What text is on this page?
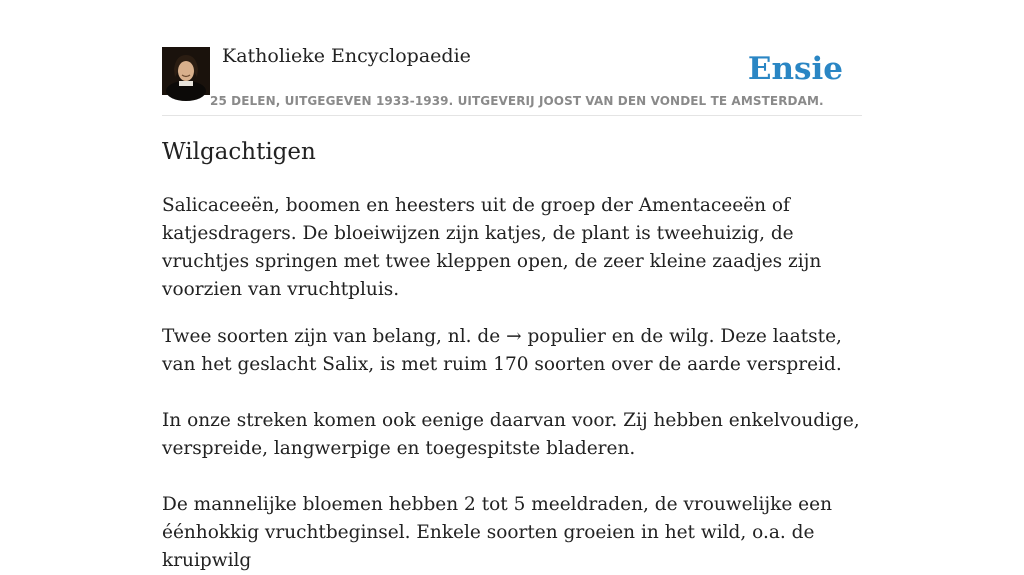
Katholieke Encyclopaedie	Ensie
25 DELEN, UITGEGEVEN 1933-1939. UITGEVERIJ JOOST VAN DEN VONDEL TE AMSTERDAM.
Wilgachtigen

Salicaceeën, boomen en heesters uit de groep der Amentaceeën of katjesdragers. De bloeiwijzen zijn katjes, de plant is tweehuizig, de vruchtjes springen met twee kleppen open, de zeer kleine zaadjes zijn voorzien van vruchtpluis.

Twee soorten zijn van belang, nl. de → populier en de wilg. Deze laatste, van het geslacht Salix, is met ruim 170 soorten over de aarde verspreid.

In onze streken komen ook eenige daarvan voor. Zij hebben enkelvoudige, verspreide, langwerpige en toegespitste bladeren.

De mannelijke bloemen hebben 2 tot 5 meeldraden, de vrouwelijke een éénhokkig vruchtbeginsel. Enkele soorten groeien in het wild, o.a. de kruipwilg
